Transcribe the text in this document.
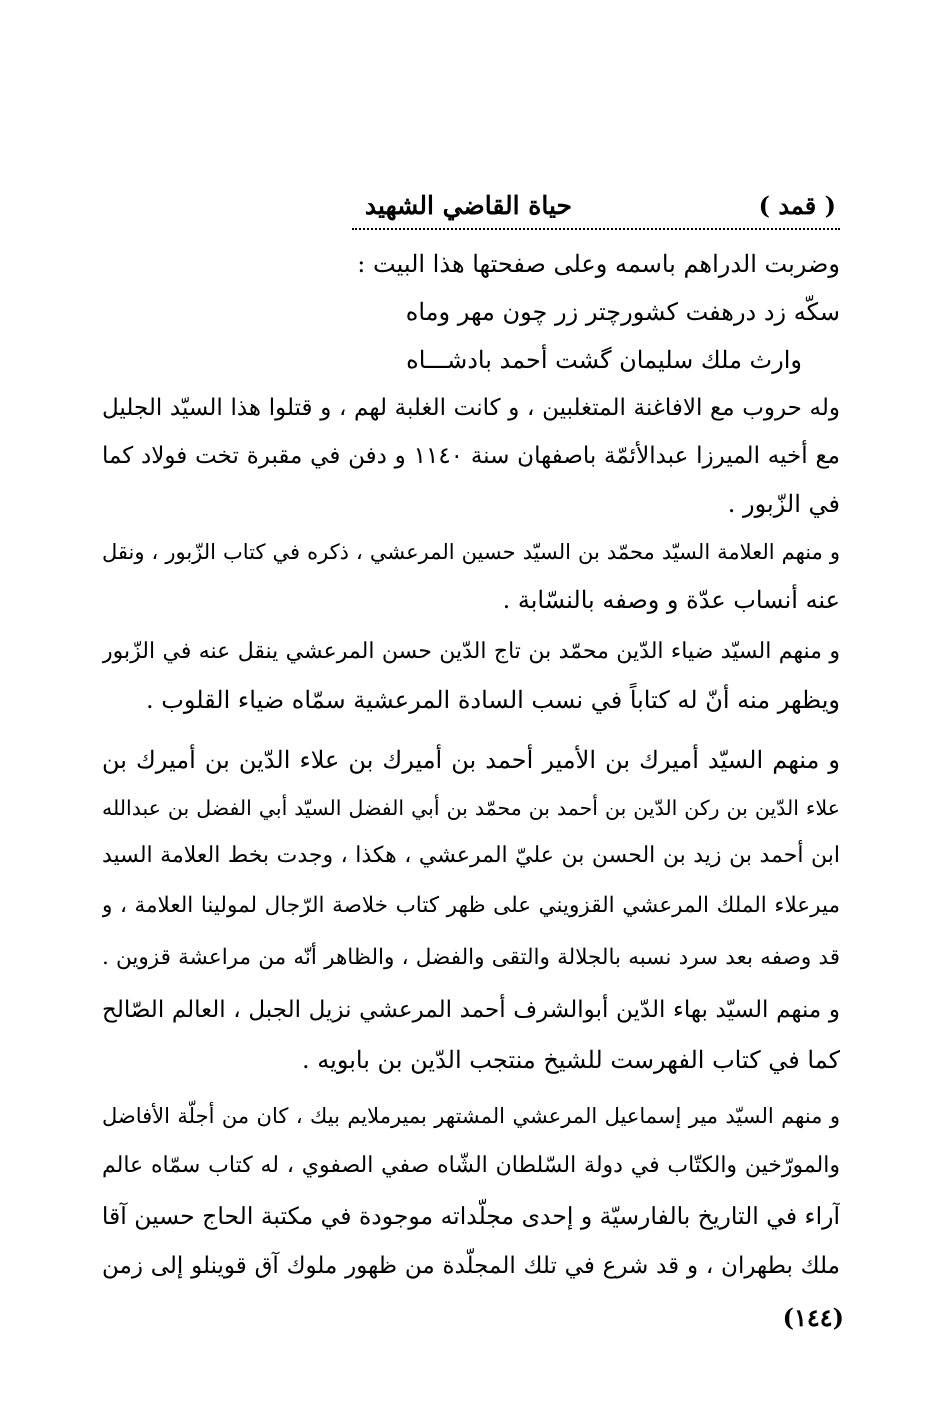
( قمد )
حياة القاضي الشهيد
وضربت الدراهم باسمه وعلى صفحتها هذا البيت :
سكّه زد درهفت كشورچتر زر چون مهر وماه
وارث ملك سليمان گشت أحمد بادشـــاه
وله حروب مع الافاغنة المتغلبين ، و كانت الغلبة لهم ، و قتلوا هذا السيّد الجليل
مع أخيه الميرزا عبدالأئمّة باصفهان سنة ١١٤٠ و دفن في مقبرة تخت فولاد كما
في الزّبور .
و منهم العلامة السيّد محمّد بن السيّد حسين المرعشي ، ذكره في كتاب الزّبور ، ونقل
عنه أنساب عدّة و وصفه بالنسّابة .
و منهم السيّد ضياء الدّين محمّد بن تاج الدّين حسن المرعشي ينقل عنه في الزّبور
ويظهر منه أنّ له كتاباً في نسب السادة المرعشية سمّاه ضياء القلوب .
و منهم السيّد أميرك بن الأمير أحمد بن أميرك بن علاء الدّين بن أميرك بن
علاء الدّين بن ركن الدّين بن أحمد بن محمّد بن أبي الفضل السيّد أبي الفضل بن عبدالله
ابن أحمد بن زيد بن الحسن بن عليّ المرعشي ، هكذا ، وجدت بخط العلامة السيد
ميرعلاء الملك المرعشي القزويني على ظهر كتاب خلاصة الرّجال لمولينا العلامة ، و
قد وصفه بعد سرد نسبه بالجلالة والتقى والفضل ، والظاهر أنّه من مراعشة قزوين .
و منهم السيّد بهاء الدّين أبوالشرف أحمد المرعشي نزيل الجبل ، العالم الصّالح
كما في كتاب الفهرست للشيخ منتجب الدّين بن بابويه .
و منهم السيّد مير إسماعيل المرعشي المشتهر بميرملايم بيك ، كان من أجلّة الأفاضل
والمورّخين والكتّاب في دولة السّلطان الشّاه صفي الصفوي ، له كتاب سمّاه عالم
آراء في التاريخ بالفارسيّة و إحدى مجلّداته موجودة في مكتبة الحاج حسين آقا
ملك بطهران ، و قد شرع في تلك المجلّدة من ظهور ملوك آق قوينلو إلى زمن
(١٤٤)
